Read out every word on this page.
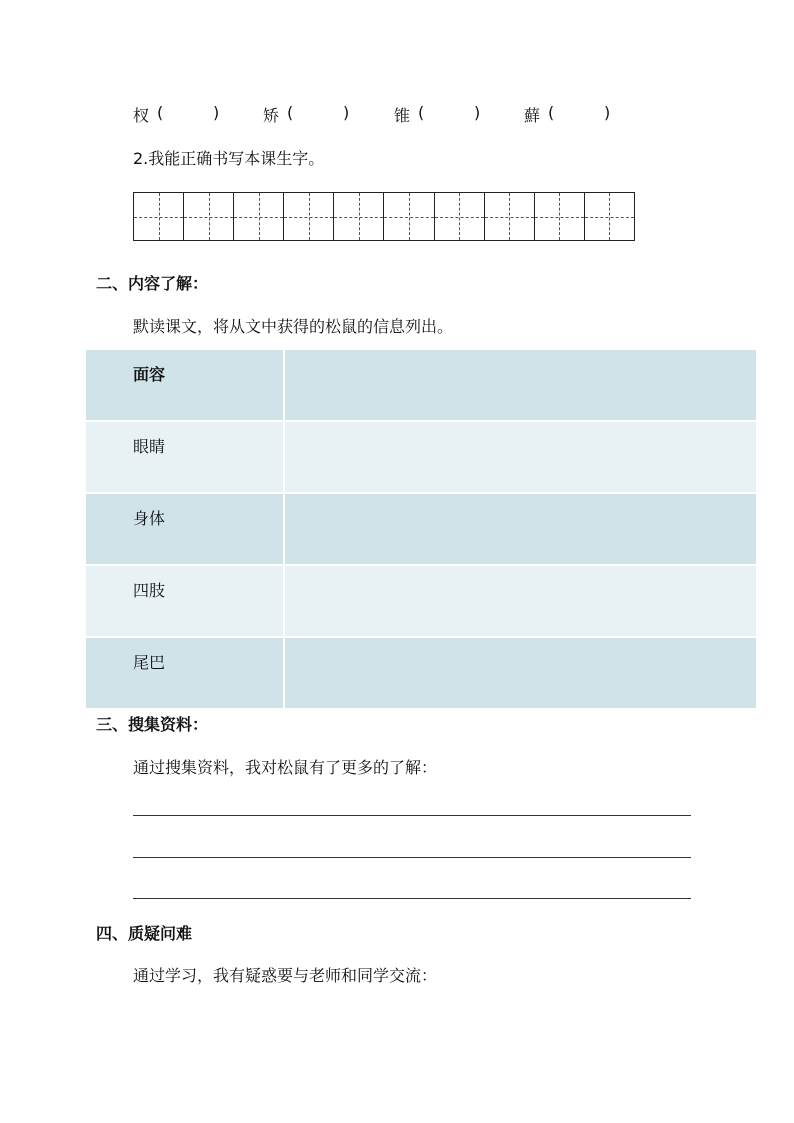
杈 (	)	矫 (	)	锥 (	)	蘚 (	)
2.我能正确书写本课生字。
二、内容了解：
默读课文，将从文中获得的松鼠的信息列出。
面容	

眼睛	

身体	

四肢	

尾巴	

三、搜集资料：
通过搜集资料，我对松鼠有了更多的了解：
四、质疑问难
通过学习，我有疑惑要与老师和同学交流：
